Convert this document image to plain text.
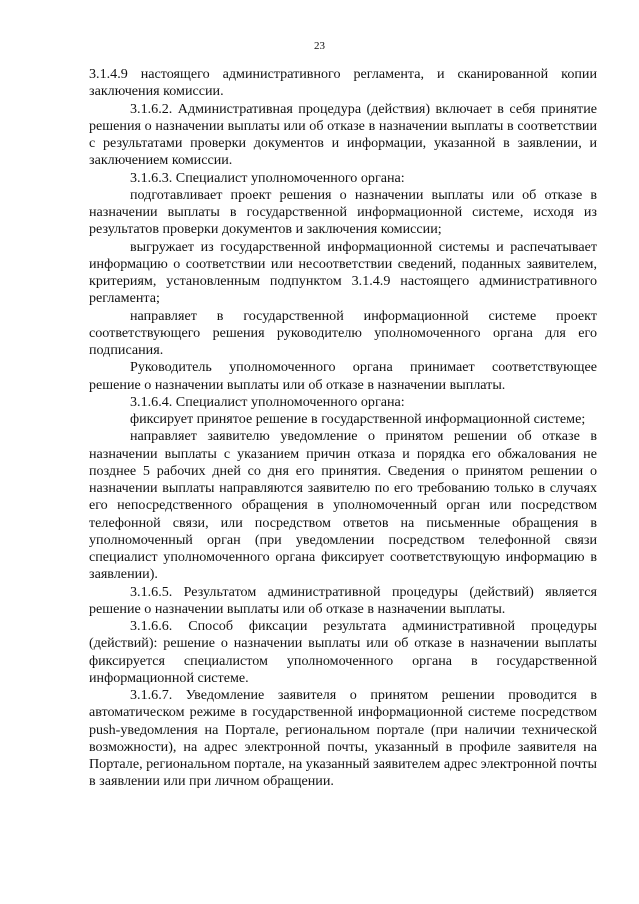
23

3.1.4.9 настоящего административного регламента, и сканированной копии заключения комиссии.

3.1.6.2. Административная процедура (действия) включает в себя принятие решения о назначении выплаты или об отказе в назначении выплаты в соответствии с результатами проверки документов и информации, указанной в заявлении, и заключением комиссии.

3.1.6.3. Специалист уполномоченного органа:

подготавливает проект решения о назначении выплаты или об отказе в назначении выплаты в государственной информационной системе, исходя из результатов проверки документов и заключения комиссии;

выгружает из государственной информационной системы и распечатывает информацию о соответствии или несоответствии сведений, поданных заявителем, критериям, установленным подпунктом 3.1.4.9 настоящего административного регламента;

направляет в государственной информационной системе проект соответствующего решения руководителю уполномоченного органа для его подписания.

Руководитель уполномоченного органа принимает соответствующее решение о назначении выплаты или об отказе в назначении выплаты.

3.1.6.4. Специалист уполномоченного органа:

фиксирует принятое решение в государственной информационной системе;

направляет заявителю уведомление о принятом решении об отказе в назначении выплаты с указанием причин отказа и порядка его обжалования не позднее 5 рабочих дней со дня его принятия. Сведения о принятом решении о назначении выплаты направляются заявителю по его требованию только в случаях его непосредственного обращения в уполномоченный орган или посредством телефонной связи, или посредством ответов на письменные обращения в уполномоченный орган (при уведомлении посредством телефонной связи специалист уполномоченного органа фиксирует соответствующую информацию в заявлении).

3.1.6.5. Результатом административной процедуры (действий) является решение о назначении выплаты или об отказе в назначении выплаты.

3.1.6.6. Способ фиксации результата административной процедуры (действий): решение о назначении выплаты или об отказе в назначении выплаты фиксируется специалистом уполномоченного органа в государственной информационной системе.

3.1.6.7. Уведомление заявителя о принятом решении проводится в автоматическом режиме в государственной информационной системе посредством push-уведомления на Портале, региональном портале (при наличии технической возможности), на адрес электронной почты, указанный в профиле заявителя на Портале, региональном портале, на указанный заявителем адрес электронной почты в заявлении или при личном обращении.
